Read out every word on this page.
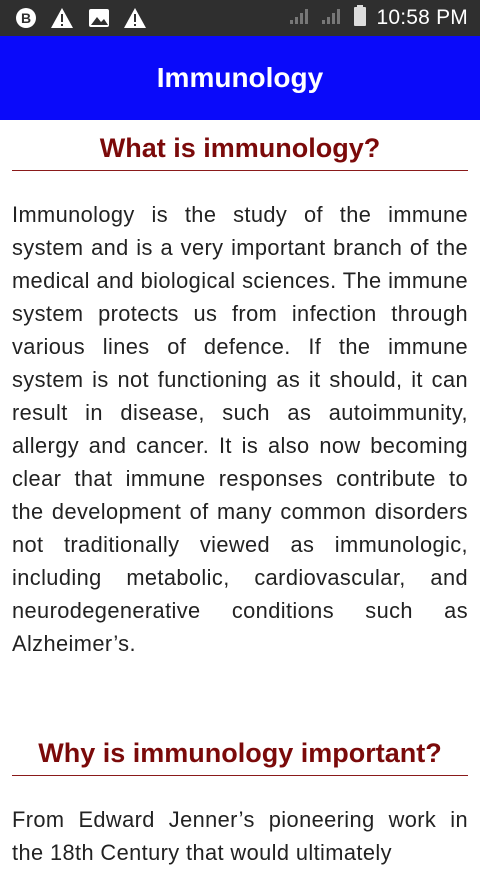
B	10:58 PM
Immunology
What is immunology?
Immunology is the study of the immune system and is a very important branch of the medical and biological sciences. The immune system protects us from infection through various lines of defence. If the immune system is not functioning as it should, it can result in disease, such as autoimmunity, allergy and cancer. It is also now becoming clear that immune responses contribute to the development of many common disorders not traditionally viewed as immunologic, including metabolic, cardiovascular, and neurodegenerative conditions such as Alzheimer’s.
Why is immunology important?
From Edward Jenner’s pioneering work in the 18th Century that would ultimately
